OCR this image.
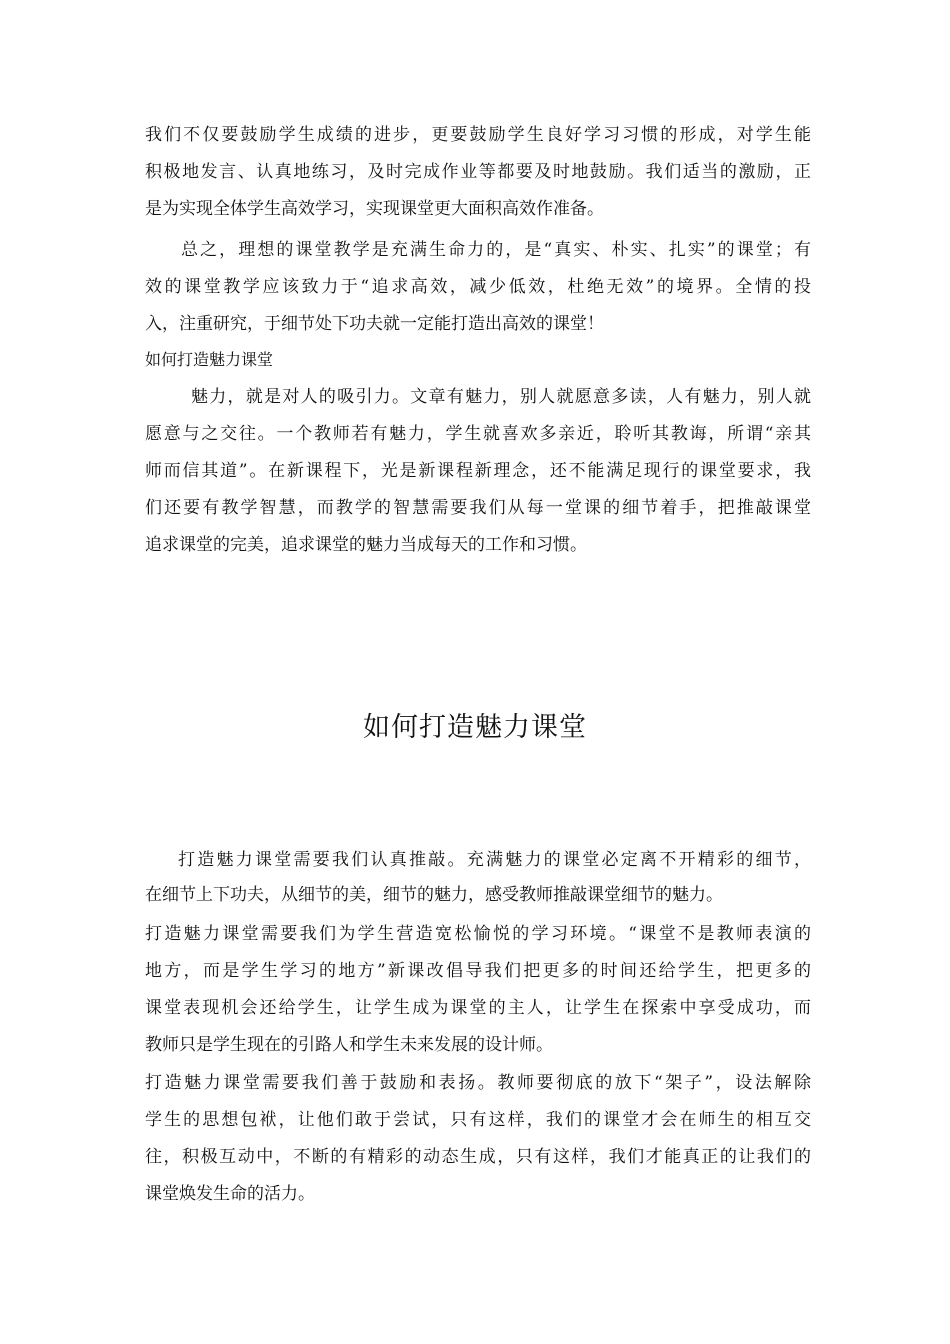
我们不仅要鼓励学生成绩的进步，更要鼓励学生良好学习习惯的形成，对学生能
积极地发言、认真地练习，及时完成作业等都要及时地鼓励。我们适当的激励，正
是为实现全体学生高效学习，实现课堂更大面积高效作准备。
总之，理想的课堂教学是充满生命力的，是“真实、朴实、扎实”的课堂；有
效的课堂教学应该致力于“追求高效，减少低效，杜绝无效”的境界。全情的投
入，注重研究，于细节处下功夫就一定能打造出高效的课堂！
如何打造魅力课堂
魅力，就是对人的吸引力。文章有魅力，别人就愿意多读，人有魅力，别人就
愿意与之交往。一个教师若有魅力，学生就喜欢多亲近，聆听其教诲，所谓“亲其
师而信其道”。在新课程下，光是新课程新理念，还不能满足现行的课堂要求，我
们还要有教学智慧，而教学的智慧需要我们从每一堂课的细节着手，把推敲课堂
追求课堂的完美，追求课堂的魅力当成每天的工作和习惯。
如何打造魅力课堂
打造魅力课堂需要我们认真推敲。充满魅力的课堂必定离不开精彩的细节，
在细节上下功夫，从细节的美，细节的魅力，感受教师推敲课堂细节的魅力。
打造魅力课堂需要我们为学生营造宽松愉悦的学习环境。“课堂不是教师表演的
地方，而是学生学习的地方”新课改倡导我们把更多的时间还给学生，把更多的
课堂表现机会还给学生，让学生成为课堂的主人，让学生在探索中享受成功，而
教师只是学生现在的引路人和学生未来发展的设计师。
打造魅力课堂需要我们善于鼓励和表扬。教师要彻底的放下“架子”，设法解除
学生的思想包袱，让他们敢于尝试，只有这样，我们的课堂才会在师生的相互交
往，积极互动中，不断的有精彩的动态生成，只有这样，我们才能真正的让我们的
课堂焕发生命的活力。
